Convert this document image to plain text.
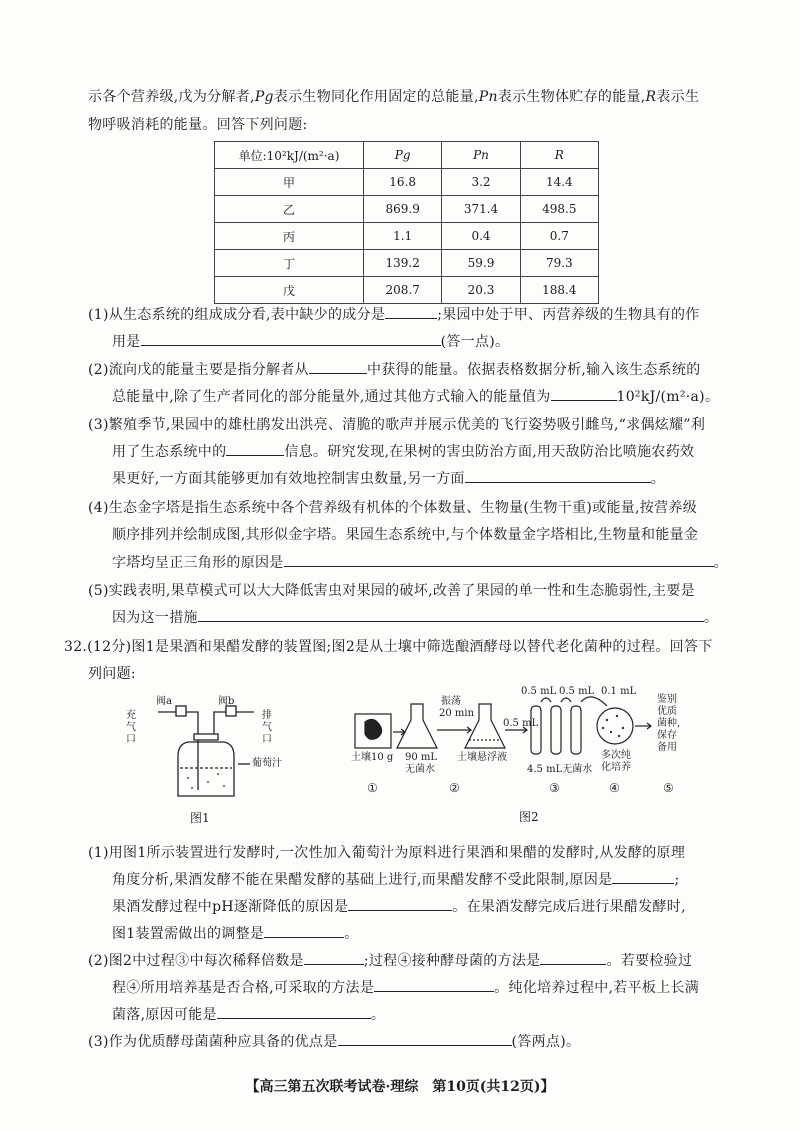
示各个营养级,戊为分解者,Pg表示生物同化作用固定的总能量,Pn表示生物体贮存的能量,R表示生
物呼吸消耗的能量。回答下列问题:
单位:10²kJ/(m²·a)	Pg	Pn	R
甲	16.8	3.2	14.4
乙	869.9	371.4	498.5
丙	1.1	0.4	0.7
丁	139.2	59.9	79.3
戊	208.7	20.3	188.4
(1)从生态系统的组成成分看,表中缺少的成分是	;果园中处于甲、丙营养级的生物具有的作
用是	(答一点)。
(2)流向戊的能量主要是指分解者从	中获得的能量。依据表格数据分析,输入该生态系统的
总能量中,除了生产者同化的部分能量外,通过其他方式输入的能量值为	10²kJ/(m²·a)。
(3)繁殖季节,果园中的雄杜鹃发出洪亮、清脆的歌声并展示优美的飞行姿势吸引雌鸟,“求偶炫耀”利
用了生态系统中的	信息。研究发现,在果树的害虫防治方面,用天敌防治比喷施农药效
果更好,一方面其能够更加有效地控制害虫数量,另一方面	。
(4)生态金字塔是指生态系统中各个营养级有机体的个体数量、生物量(生物干重)或能量,按营养级
顺序排列并绘制成图,其形似金字塔。果园生态系统中,与个体数量金字塔相比,生物量和能量金
字塔均呈正三角形的原因是	。
(5)实践表明,果草模式可以大大降低害虫对果园的破坏,改善了果园的单一性和生态脆弱性,主要是
因为这一措施	。
32.(12分)图1是果酒和果醋发酵的装置图;图2是从土壤中筛选酿酒酵母以替代老化菌种的过程。回答下
列问题:
阀a	阀b
充气口
排气口
葡萄汁
图1
土壤10 g 90 mL
无菌水
振荡
20 min
土壤悬浮液
0.5 mL
0.5 mL 0.5 mL 0.1 mL
4.5 mL无菌水
多次纯
化培养
鉴别
优质
菌种,
保存
备用
①	②	③	④	⑤
图2
(1)用图1所示装置进行发酵时,一次性加入葡萄汁为原料进行果酒和果醋的发酵时,从发酵的原理
角度分析,果酒发酵不能在果醋发酵的基础上进行,而果醋发酵不受此限制,原因是	;
果酒发酵过程中pH逐渐降低的原因是	。在果酒发酵完成后进行果醋发酵时,
图1装置需做出的调整是	。
(2)图2中过程③中每次稀释倍数是	;过程④接种酵母菌的方法是	。若要检验过
程④所用培养基是否合格,可采取的方法是	。纯化培养过程中,若平板上长满
菌落,原因可能是	。
(3)作为优质酵母菌菌种应具备的优点是	(答两点)。
【高三第五次联考试卷·理综　第10页(共12页)】
